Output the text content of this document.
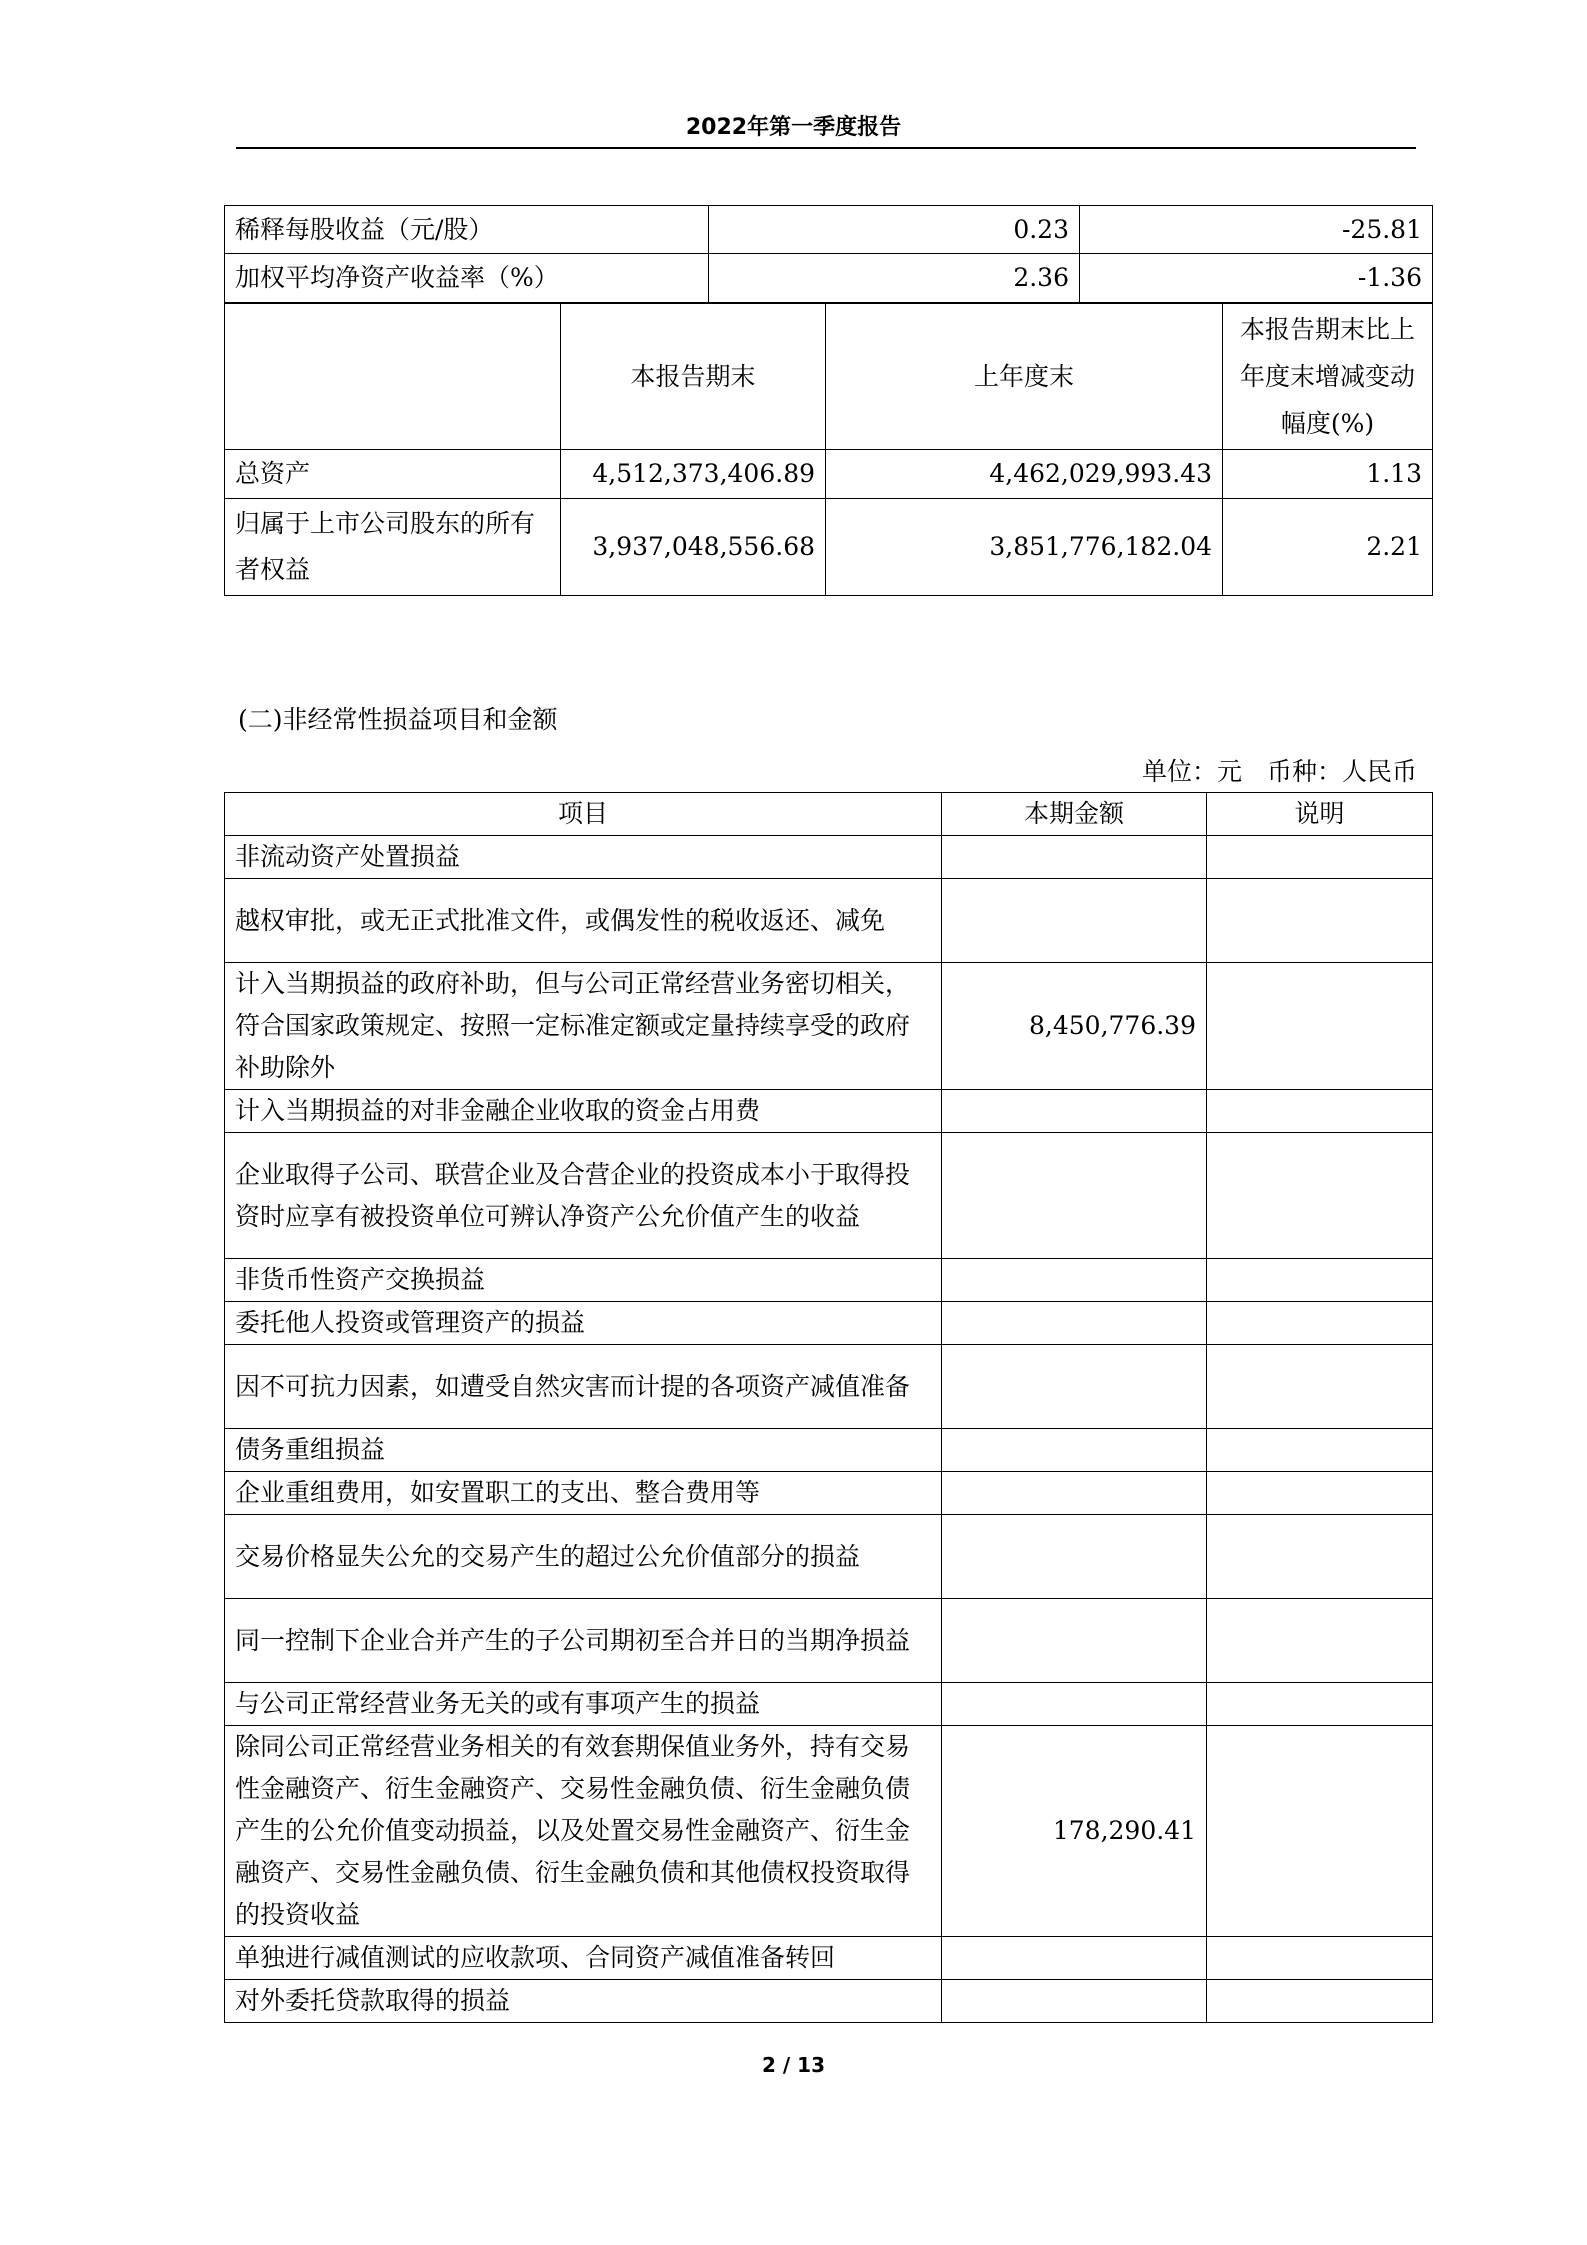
2022年第一季度报告
稀释每股收益（元/股）	0.23	-25.81
加权平均净资产收益率（%）	2.36	-1.36
	本报告期末	上年度末	本报告期末比上年度末增减变动幅度(%)
总资产	4,512,373,406.89	4,462,029,993.43	1.13
归属于上市公司股东的所有者权益	3,937,048,556.68	3,851,776,182.04	2.21
(二)非经常性损益项目和金额
单位：元　币种：人民币
项目	本期金额	说明
非流动资产处置损益		
越权审批，或无正式批准文件，或偶发性的税收返还、减免		
计入当期损益的政府补助，但与公司正常经营业务密切相关，符合国家政策规定、按照一定标准定额或定量持续享受的政府补助除外	8,450,776.39	
计入当期损益的对非金融企业收取的资金占用费		
企业取得子公司、联营企业及合营企业的投资成本小于取得投资时应享有被投资单位可辨认净资产公允价值产生的收益		
非货币性资产交换损益		
委托他人投资或管理资产的损益		
因不可抗力因素，如遭受自然灾害而计提的各项资产减值准备		
债务重组损益		
企业重组费用，如安置职工的支出、整合费用等		
交易价格显失公允的交易产生的超过公允价值部分的损益		
同一控制下企业合并产生的子公司期初至合并日的当期净损益		
与公司正常经营业务无关的或有事项产生的损益		
除同公司正常经营业务相关的有效套期保值业务外，持有交易性金融资产、衍生金融资产、交易性金融负债、衍生金融负债产生的公允价值变动损益，以及处置交易性金融资产、衍生金融资产、交易性金融负债、衍生金融负债和其他债权投资取得的投资收益	178,290.41	
单独进行减值测试的应收款项、合同资产减值准备转回		
对外委托贷款取得的损益		
2 / 13
